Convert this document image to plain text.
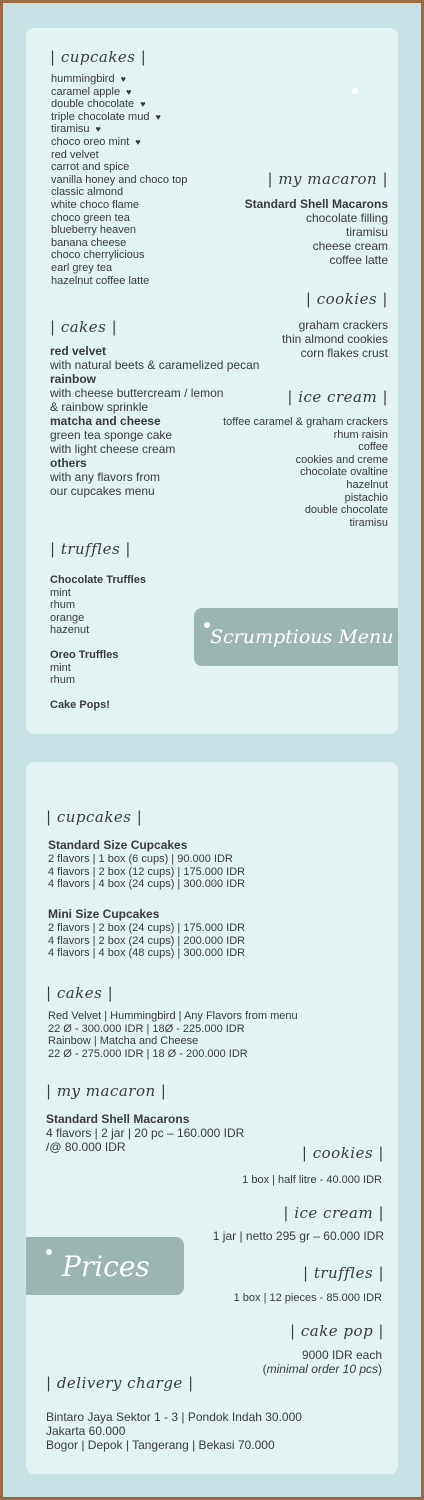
| cupcakes |
hummingbird ♥
caramel apple ♥
double chocolate ♥
triple chocolate mud ♥
tiramisu ♥
choco oreo mint ♥
red velvet
carrot and spice
vanilla honey and choco top
classic almond
white choco flame
choco green tea
blueberry heaven
banana cheese
choco cherrylicious
earl grey tea
hazelnut coffee latte
| my macaron |
Standard Shell Macarons
chocolate filling
tiramisu
cheese cream
coffee latte
| cookies |
graham crackers
thin almond cookies
corn flakes crust
| cakes |
red velvet
with natural beets & caramelized pecan
rainbow
with cheese buttercream / lemon
& rainbow sprinkle
matcha and cheese
green tea sponge cake
with light cheese cream
others
with any flavors from
our cupcakes menu
| ice cream |
toffee caramel & graham crackers
rhum raisin
coffee
cookies and creme
chocolate ovaltine
hazelnut
pistachio
double chocolate
tiramisu
| truffles |
Chocolate Truffles
mint
rhum
orange
hazenut
Oreo Truffles
mint
rhum
Cake Pops!
Scrumptious Menu
| cupcakes |
Standard Size Cupcakes
2 flavors | 1 box (6 cups) | 90.000 IDR
4 flavors | 2 box (12 cups) | 175.000 IDR
4 flavors | 4 box (24 cups) | 300.000 IDR
Mini Size Cupcakes
2 flavors | 2 box (24 cups) | 175.000 IDR
4 flavors | 2 box (24 cups) | 200.000 IDR
4 flavors | 4 box (48 cups) | 300.000 IDR
| cakes |
Red Velvet | Hummingbird | Any Flavors from menu
22 Ø - 300.000 IDR | 18Ø - 225.000 IDR
Rainbow | Matcha and Cheese
22 Ø - 275.000 IDR | 18 Ø - 200.000 IDR
| my macaron |
Standard Shell Macarons
4 flavors | 2 jar | 20 pc – 160.000 IDR
/@ 80.000 IDR	| cookies |
1 box | half litre - 40.000 IDR
| ice cream |
1 jar | netto 295 gr – 60.000 IDR
| truffles |
1 box | 12 pieces - 85.000 IDR
| cake pop |
9000 IDR each
(minimal order 10 pcs)
| delivery charge |
Bintaro Jaya Sektor 1 - 3 | Pondok Indah 30.000
Jakarta 60.000
Bogor | Depok | Tangerang | Bekasi 70.000
Prices
